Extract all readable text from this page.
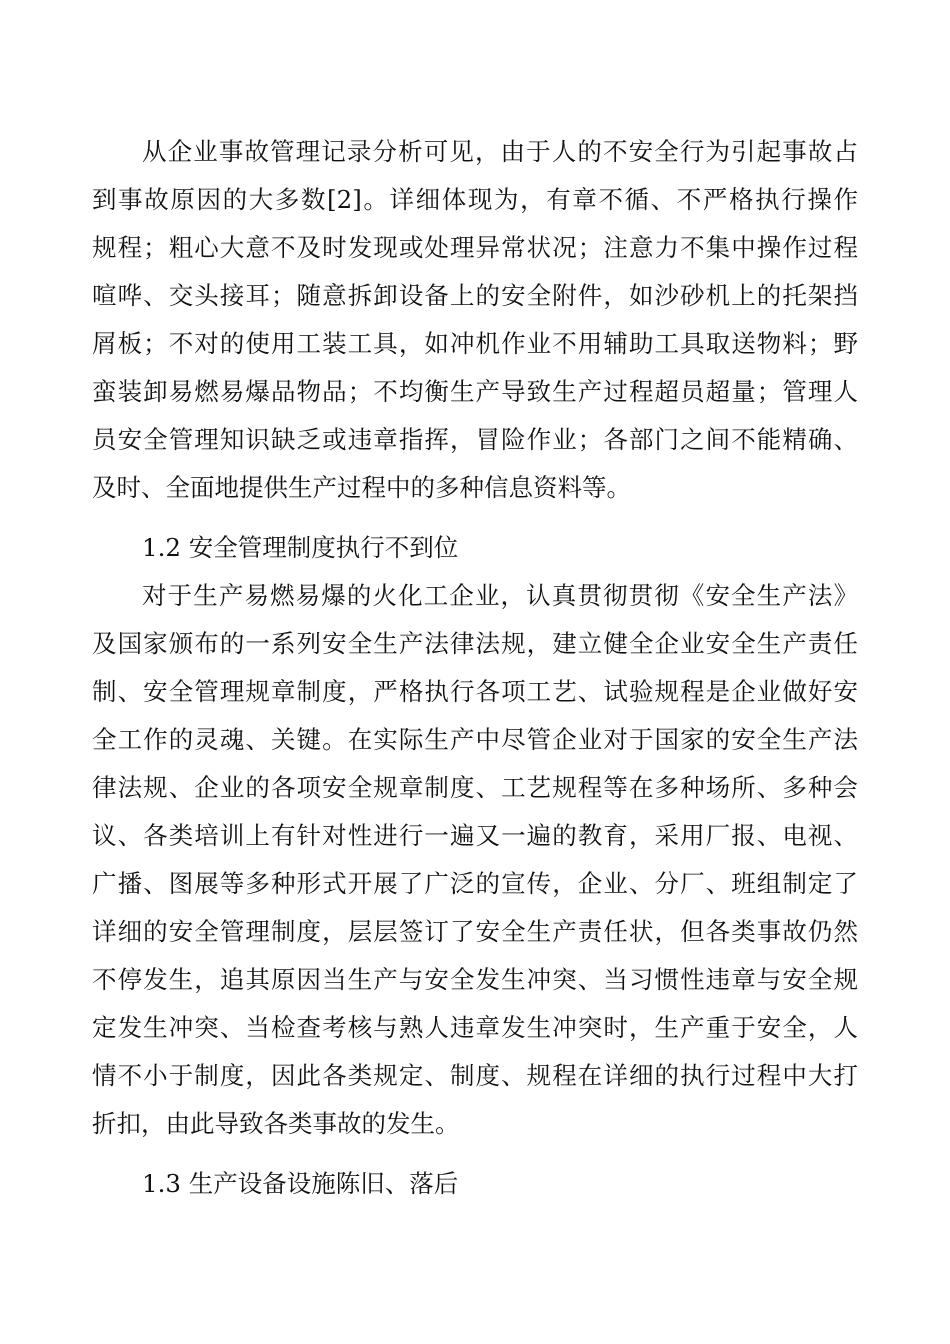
从企业事故管理记录分析可见，由于人的不安全行为引起事故占

到事故原因的大多数[2]。详细体现为，有章不循、不严格执行操作

规程；粗心大意不及时发现或处理异常状况；注意力不集中操作过程

喧哗、交头接耳；随意拆卸设备上的安全附件，如沙砂机上的托架挡

屑板；不对的使用工装工具，如冲机作业不用辅助工具取送物料；野

蛮装卸易燃易爆品物品；不均衡生产导致生产过程超员超量；管理人

员安全管理知识缺乏或违章指挥，冒险作业；各部门之间不能精确、

及时、全面地提供生产过程中的多种信息资料等。

1.2 安全管理制度执行不到位

对于生产易燃易爆的火化工企业，认真贯彻贯彻《安全生产法》

及国家颁布的一系列安全生产法律法规，建立健全企业安全生产责任

制、安全管理规章制度，严格执行各项工艺、试验规程是企业做好安

全工作的灵魂、关键。在实际生产中尽管企业对于国家的安全生产法

律法规、企业的各项安全规章制度、工艺规程等在多种场所、多种会

议、各类培训上有针对性进行一遍又一遍的教育，采用厂报、电视、

广播、图展等多种形式开展了广泛的宣传，企业、分厂、班组制定了

详细的安全管理制度，层层签订了安全生产责任状，但各类事故仍然

不停发生，追其原因当生产与安全发生冲突、当习惯性违章与安全规

定发生冲突、当检查考核与熟人违章发生冲突时，生产重于安全，人

情不小于制度，因此各类规定、制度、规程在详细的执行过程中大打

折扣，由此导致各类事故的发生。

1.3 生产设备设施陈旧、落后
